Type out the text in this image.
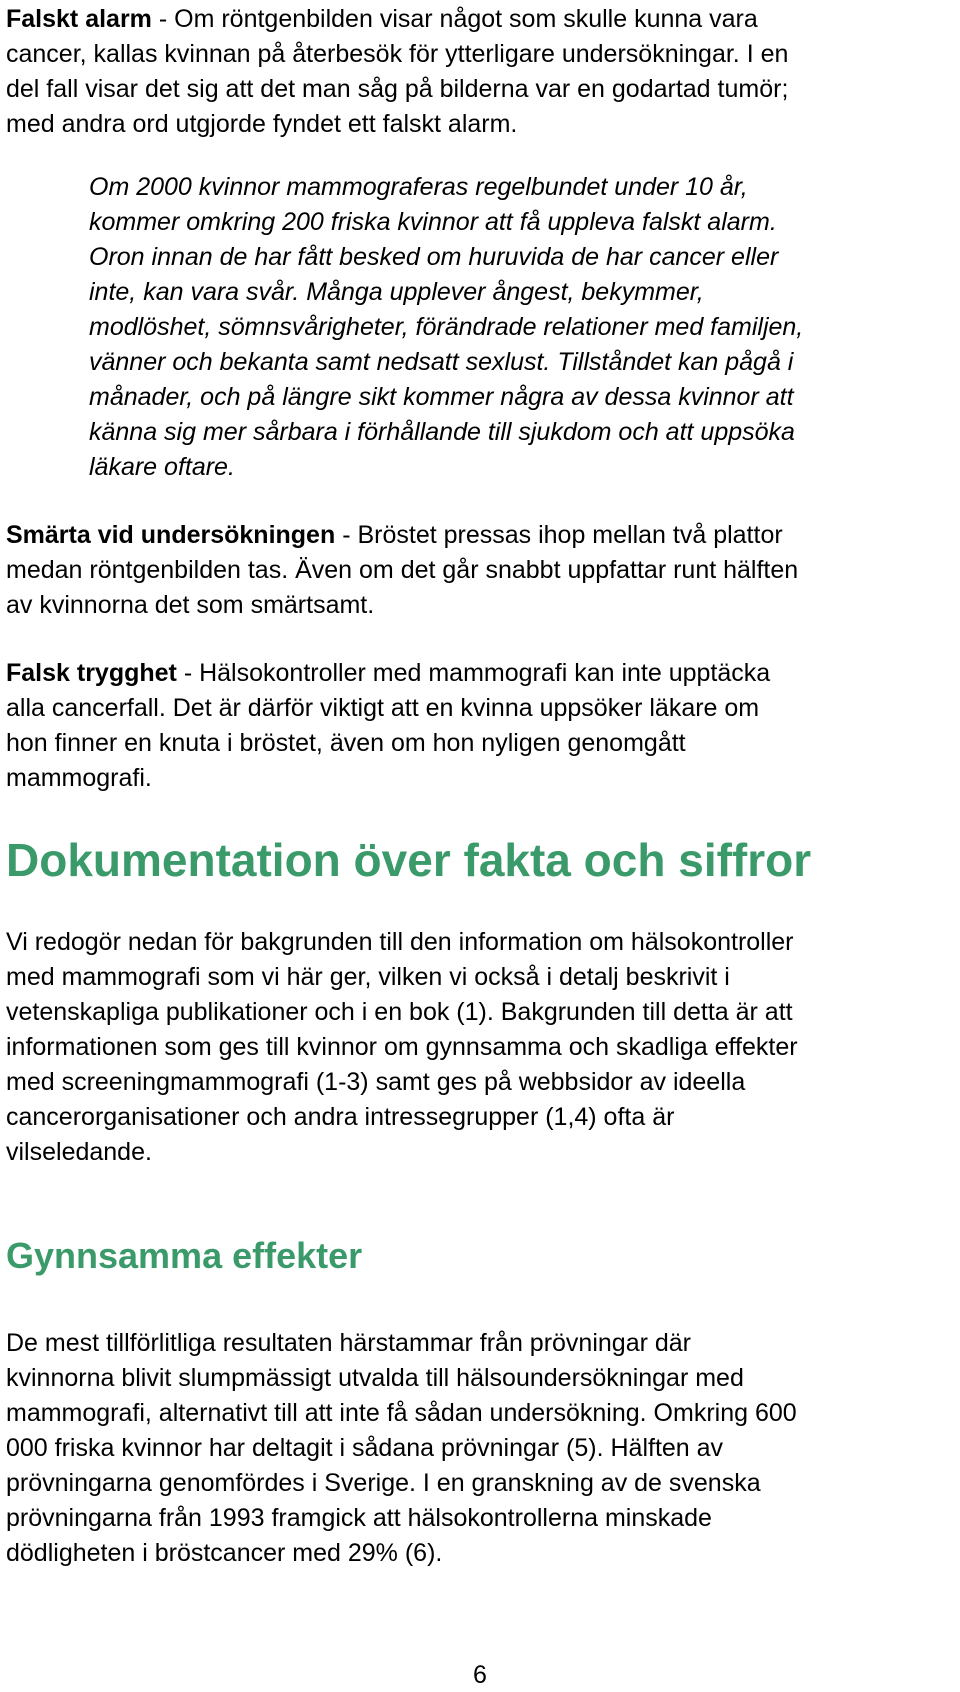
Falskt alarm - Om röntgenbilden visar något som skulle kunna vara
cancer, kallas kvinnan på återbesök för ytterligare undersökningar. I en
del fall visar det sig att det man såg på bilderna var en godartad tumör;
med andra ord utgjorde fyndet ett falskt alarm.

Om 2000 kvinnor mammograferas regelbundet under 10 år,
kommer omkring 200 friska kvinnor att få uppleva falskt alarm.
Oron innan de har fått besked om huruvida de har cancer eller
inte, kan vara svår. Många upplever ångest, bekymmer,
modlöshet, sömnsvårigheter, förändrade relationer med familjen,
vänner och bekanta samt nedsatt sexlust. Tillståndet kan pågå i
månader, och på längre sikt kommer några av dessa kvinnor att
känna sig mer sårbara i förhållande till sjukdom och att uppsöka
läkare oftare.

Smärta vid undersökningen - Bröstet pressas ihop mellan två plattor
medan röntgenbilden tas. Även om det går snabbt uppfattar runt hälften
av kvinnorna det som smärtsamt.

Falsk trygghet - Hälsokontroller med mammografi kan inte upptäcka
alla cancerfall. Det är därför viktigt att en kvinna uppsöker läkare om
hon finner en knuta i bröstet, även om hon nyligen genomgått
mammografi.

Dokumentation över fakta och siffror

Vi redogör nedan för bakgrunden till den information om hälsokontroller
med mammografi som vi här ger, vilken vi också i detalj beskrivit i
vetenskapliga publikationer och i en bok (1). Bakgrunden till detta är att
informationen som ges till kvinnor om gynnsamma och skadliga effekter
med screeningmammografi (1-3) samt ges på webbsidor av ideella
cancerorganisationer och andra intressegrupper (1,4) ofta är
vilseledande.

Gynnsamma effekter

De mest tillförlitliga resultaten härstammar från prövningar där
kvinnorna blivit slumpmässigt utvalda till hälsoundersökningar med
mammografi, alternativt till att inte få sådan undersökning. Omkring 600
000 friska kvinnor har deltagit i sådana prövningar (5). Hälften av
prövningarna genomfördes i Sverige. I en granskning av de svenska
prövningarna från 1993 framgick att hälsokontrollerna minskade
dödligheten i bröstcancer med 29% (6).

6
